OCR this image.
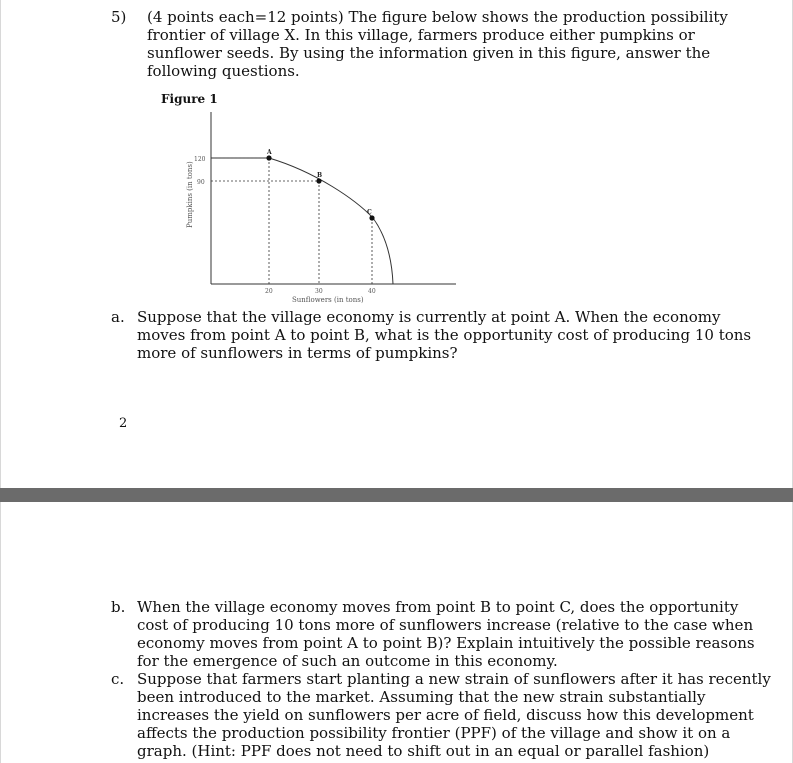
5) (4 points each=12 points) The figure below shows the production possibility
frontier of village X. In this village, farmers produce either pumpkins or
sunflower seeds. By using the information given in this figure, answer the
following questions.
Figure 1
A
B
C
120
90
20	30	40
Sunflowers (in tons)
Pumpkins (in tons)
a. Suppose that the village economy is currently at point A. When the economy
moves from point A to point B, what is the opportunity cost of producing 10 tons
more of sunflowers in terms of pumpkins?
2
b. When the village economy moves from point B to point C, does the opportunity
cost of producing 10 tons more of sunflowers increase (relative to the case when
economy moves from point A to point B)? Explain intuitively the possible reasons
for the emergence of such an outcome in this economy.
c. Suppose that farmers start planting a new strain of sunflowers after it has recently
been introduced to the market. Assuming that the new strain substantially
increases the yield on sunflowers per acre of field, discuss how this development
affects the production possibility frontier (PPF) of the village and show it on a
graph. (Hint: PPF does not need to shift out in an equal or parallel fashion)
